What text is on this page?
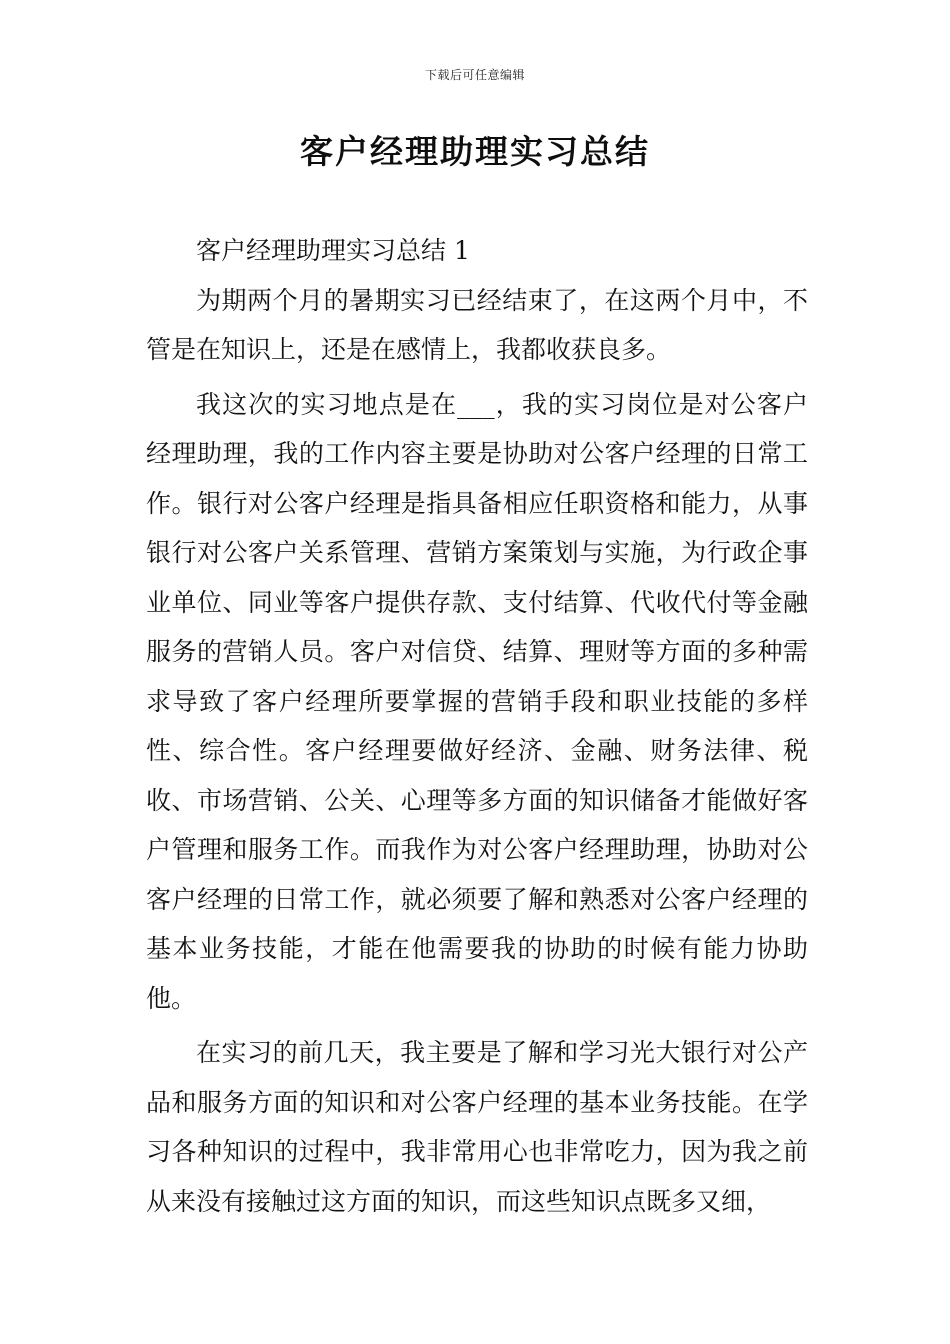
下载后可任意编辑
客户经理助理实习总结

客户经理助理实习总结 1

为期两个月的暑期实习已经结束了，在这两个月中，不管是在知识上，还是在感情上，我都收获良多。

我这次的实习地点是在___，我的实习岗位是对公客户经理助理，我的工作内容主要是协助对公客户经理的日常工作。银行对公客户经理是指具备相应任职资格和能力，从事银行对公客户关系管理、营销方案策划与实施，为行政企事业单位、同业等客户提供存款、支付结算、代收代付等金融服务的营销人员。客户对信贷、结算、理财等方面的多种需求导致了客户经理所要掌握的营销手段和职业技能的多样性、综合性。客户经理要做好经济、金融、财务法律、税收、市场营销、公关、心理等多方面的知识储备才能做好客户管理和服务工作。而我作为对公客户经理助理，协助对公客户经理的日常工作，就必须要了解和熟悉对公客户经理的基本业务技能，才能在他需要我的协助的时候有能力协助他。

在实习的前几天，我主要是了解和学习光大银行对公产品和服务方面的知识和对公客户经理的基本业务技能。在学习各种知识的过程中，我非常用心也非常吃力，因为我之前从来没有接触过这方面的知识，而这些知识点既多又细，
